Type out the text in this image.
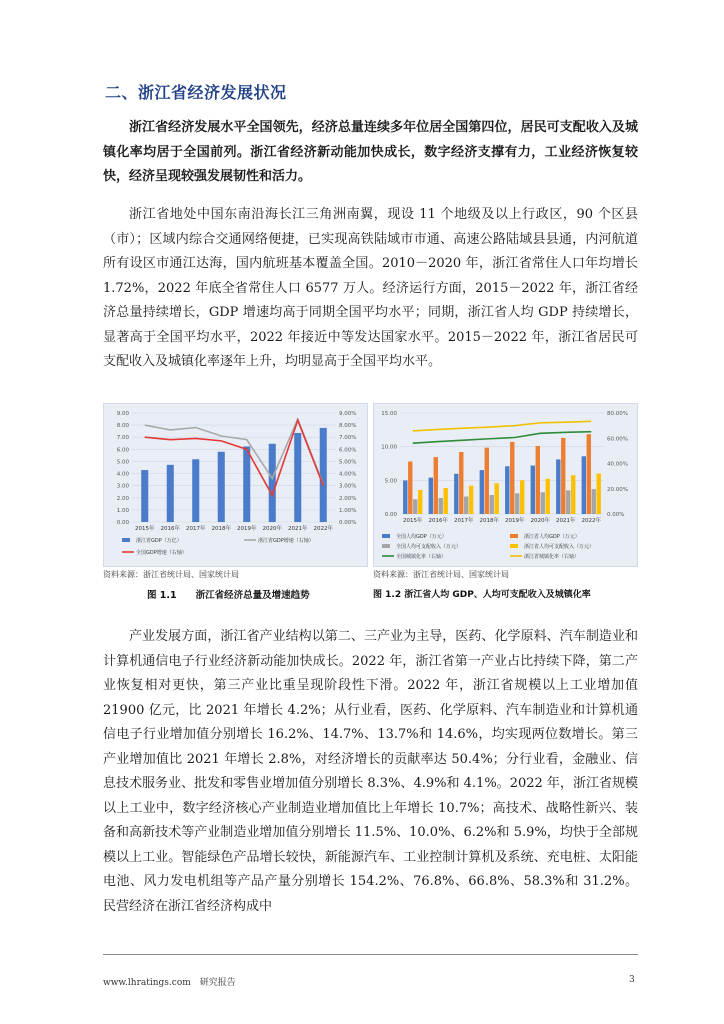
二、浙江省经济发展状况

浙江省经济发展水平全国领先，经济总量连续多年位居全国第四位，居民可支配收入及城镇化率均居于全国前列。浙江省经济新动能加快成长，数字经济支撑有力，工业经济恢复较快，经济呈现较强发展韧性和活力。

浙江省地处中国东南沿海长江三角洲南翼，现设 11 个地级及以上行政区，90 个区县（市）；区域内综合交通网络便捷，已实现高铁陆域市市通、高速公路陆域县县通，内河航道所有设区市通江达海，国内航班基本覆盖全国。2010－2020 年，浙江省常住人口年均增长 1.72%，2022 年底全省常住人口 6577 万人。经济运行方面，2015－2022 年，浙江省经济总量持续增长，GDP 增速均高于同期全国平均水平；同期，浙江省人均 GDP 持续增长，显著高于全国平均水平，2022 年接近中等发达国家水平。2015－2022 年，浙江省居民可支配收入及城镇化率逐年上升，均明显高于全国平均水平。

0.00
1.00
2.00
3.00
4.00
5.00
6.00
7.00
8.00
9.00
0.00%
1.00%
2.00%
3.00%
4.00%
5.00%
6.00%
7.00%
8.00%
9.00%
2015年 2016年 2017年 2018年 2019年 2020年 2021年 2022年
浙江省GDP（万亿）	浙江省GDP增速（右轴）
全国GDP增速（右轴）
0.00
5.00
10.00
15.00
0.00%
20.00%
40.00%
60.00%
80.00%
2015年 2016年 2017年 2018年 2019年 2020年 2021年 2022年
全国人均GDP（万元）	浙江省人均GDP（万元）
全国人均可支配收入（万元）	浙江省人均可支配收入（万元）
全国城镇化率（右轴）	浙江省城镇化率（右轴）
资料来源：浙江省统计局、国家统计局	资料来源：浙江省统计局、国家统计局
图 1.1　　浙江省经济总量及增速趋势	图 1.2 浙江省人均 GDP、人均可支配收入及城镇化率

产业发展方面，浙江省产业结构以第二、三产业为主导，医药、化学原料、汽车制造业和计算机通信电子行业经济新动能加快成长。2022 年，浙江省第一产业占比持续下降，第二产业恢复相对更快，第三产业比重呈现阶段性下滑。2022 年，浙江省规模以上工业增加值 21900 亿元，比 2021 年增长 4.2%；从行业看，医药、化学原料、汽车制造业和计算机通信电子行业增加值分别增长 16.2%、14.7%、13.7%和 14.6%，均实现两位数增长。第三产业增加值比 2021 年增长 2.8%，对经济增长的贡献率达 50.4%；分行业看，金融业、信息技术服务业、批发和零售业增加值分别增长 8.3%、4.9%和 4.1%。2022 年，浙江省规模以上工业中，数字经济核心产业制造业增加值比上年增长 10.7%；高技术、战略性新兴、装备和高新技术等产业制造业增加值分别增长 11.5%、10.0%、6.2%和 5.9%，均快于全部规模以上工业。智能绿色产品增长较快，新能源汽车、工业控制计算机及系统、充电桩、太阳能电池、风力发电机组等产品产量分别增长 154.2%、76.8%、66.8%、58.3%和 31.2%。民营经济在浙江省经济构成中

www.lhratings.com　研究报告	3
